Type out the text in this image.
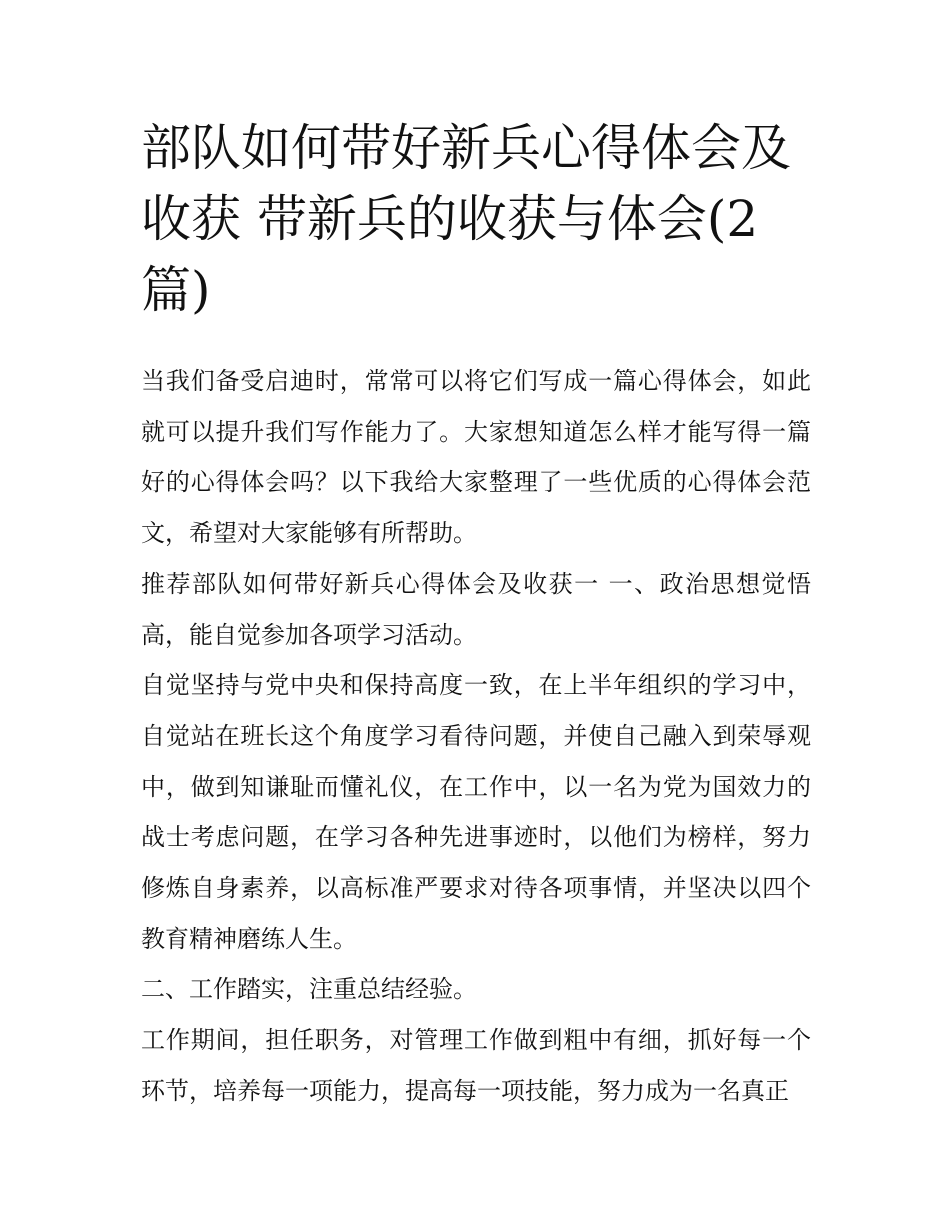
部队如何带好新兵心得体会及收获 带新兵的收获与体会(2篇)

当我们备受启迪时，常常可以将它们写成一篇心得体会，如此就可以提升我们写作能力了。大家想知道怎么样才能写得一篇好的心得体会吗？以下我给大家整理了一些优质的心得体会范文，希望对大家能够有所帮助。

推荐部队如何带好新兵心得体会及收获一 一、政治思想觉悟高，能自觉参加各项学习活动。

自觉坚持与党中央和保持高度一致，在上半年组织的学习中，自觉站在班长这个角度学习看待问题，并使自己融入到荣辱观中，做到知谦耻而懂礼仪，在工作中，以一名为党为国效力的战士考虑问题，在学习各种先进事迹时，以他们为榜样，努力修炼自身素养，以高标准严要求对待各项事情，并坚决以四个教育精神磨练人生。

二、工作踏实，注重总结经验。

工作期间，担任职务，对管理工作做到粗中有细，抓好每一个环节，培养每一项能力，提高每一项技能，努力成为一名真正
